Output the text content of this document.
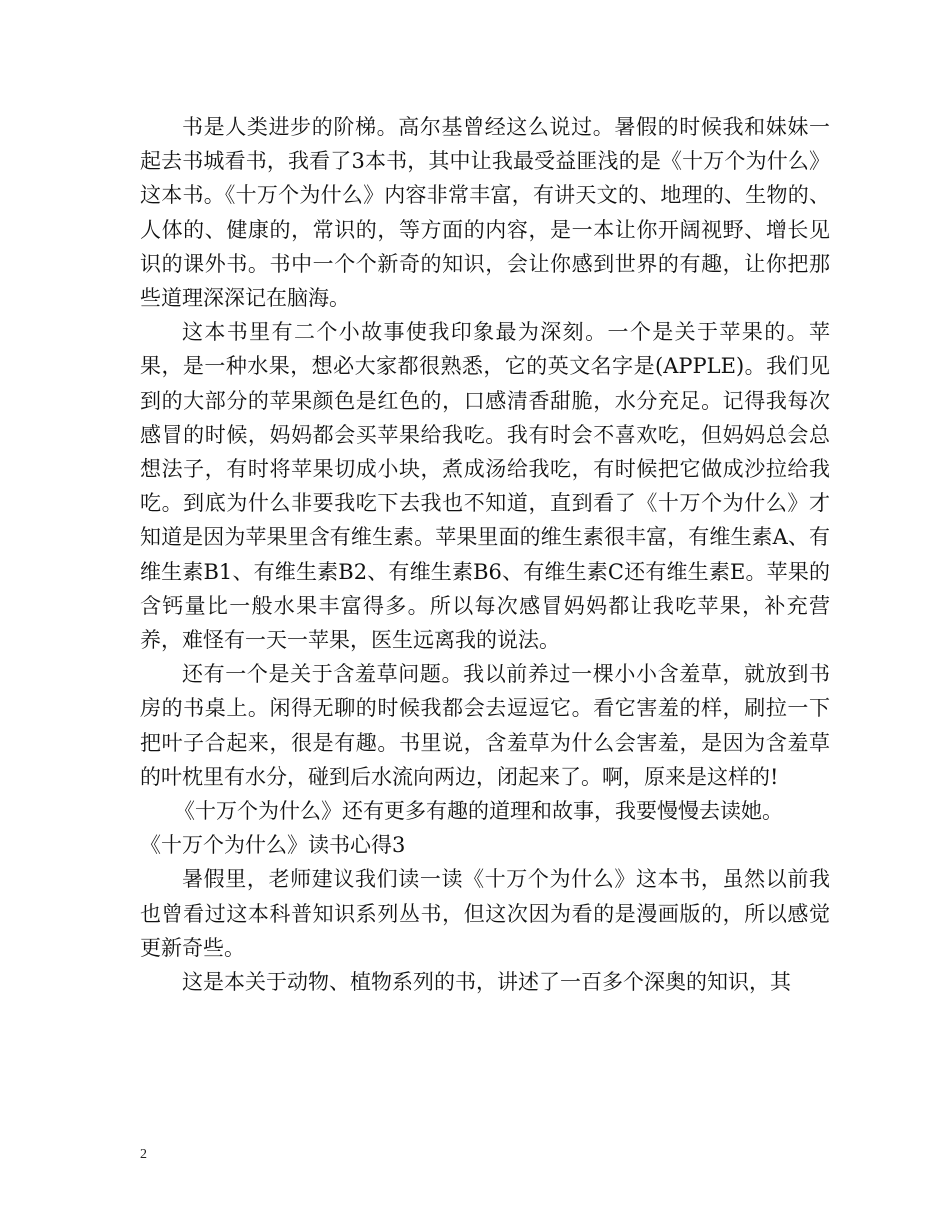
书是人类进步的阶梯。高尔基曾经这么说过。暑假的时候我和妹妹一起去书城看书，我看了3本书，其中让我最受益匪浅的是《十万个为什么》这本书。《十万个为什么》内容非常丰富，有讲天文的、地理的、生物的、人体的、健康的，常识的，等方面的内容，是一本让你开阔视野、增长见识的课外书。书中一个个新奇的知识，会让你感到世界的有趣，让你把那些道理深深记在脑海。

这本书里有二个小故事使我印象最为深刻。一个是关于苹果的。苹果，是一种水果，想必大家都很熟悉，它的英文名字是(APPLE)。我们见到的大部分的苹果颜色是红色的，口感清香甜脆，水分充足。记得我每次感冒的时候，妈妈都会买苹果给我吃。我有时会不喜欢吃，但妈妈总会总想法子，有时将苹果切成小块，煮成汤给我吃，有时候把它做成沙拉给我吃。到底为什么非要我吃下去我也不知道，直到看了《十万个为什么》才知道是因为苹果里含有维生素。苹果里面的维生素很丰富，有维生素A、有维生素B1、有维生素B2、有维生素B6、有维生素C还有维生素E。苹果的含钙量比一般水果丰富得多。所以每次感冒妈妈都让我吃苹果，补充营养，难怪有一天一苹果，医生远离我的说法。

还有一个是关于含羞草问题。我以前养过一棵小小含羞草，就放到书房的书桌上。闲得无聊的时候我都会去逗逗它。看它害羞的样，刷拉一下把叶子合起来，很是有趣。书里说，含羞草为什么会害羞，是因为含羞草的叶枕里有水分，碰到后水流向两边，闭起来了。啊，原来是这样的!

《十万个为什么》还有更多有趣的道理和故事，我要慢慢去读她。

《十万个为什么》读书心得3

暑假里，老师建议我们读一读《十万个为什么》这本书，虽然以前我也曾看过这本科普知识系列丛书，但这次因为看的是漫画版的，所以感觉更新奇些。

这是本关于动物、植物系列的书，讲述了一百多个深奥的知识，其

2
